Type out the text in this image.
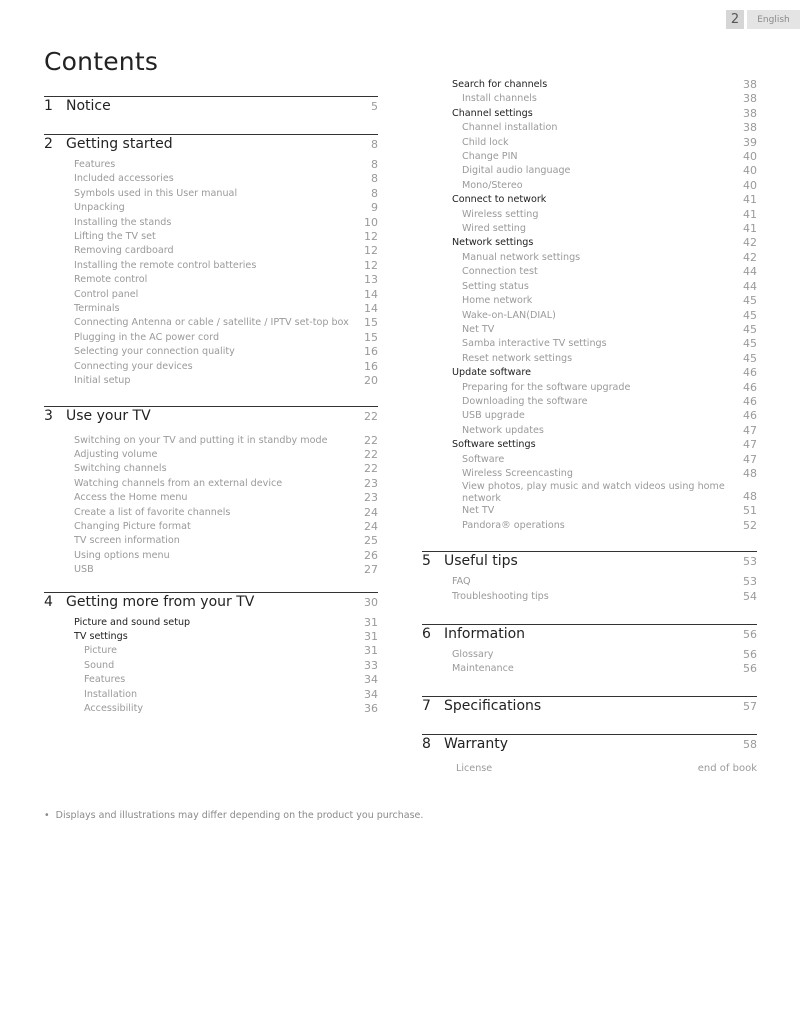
2	English
Contents
1 Notice	5
2 Getting started	8
Features	8
Included accessories	8
Symbols used in this User manual	8
Unpacking	9
Installing the stands	10
Lifting the TV set	12
Removing cardboard	12
Installing the remote control batteries	12
Remote control	13
Control panel	14
Terminals	14
Connecting Antenna or cable / satellite / IPTV set-top box 15
Plugging in the AC power cord	15
Selecting your connection quality	16
Connecting your devices	16
Initial setup	20
3 Use your TV	22
Switching on your TV and putting it in standby mode	22
Adjusting volume	22
Switching channels	22
Watching channels from an external device	23
Access the Home menu	23
Create a list of favorite channels	24
Changing Picture format	24
TV screen information	25
Using options menu	26
USB	27
4 Getting more from your TV	30
Picture and sound setup	31
TV settings	31
Picture	31
Sound	33
Features	34
Installation	34
Accessibility	36
Search for channels	38
Install channels	38
Channel settings	38
Channel installation	38
Child lock	39
Change PIN	40
Digital audio language	40
Mono/Stereo	40
Connect to network	41
Wireless setting	41
Wired setting	41
Network settings	42
Manual network settings	42
Connection test	44
Setting status	44
Home network	45
Wake-on-LAN(DIAL)	45
Net TV	45
Samba interactive TV settings	45
Reset network settings	45
Update software	46
Preparing for the software upgrade	46
Downloading the software	46
USB upgrade	46
Network updates	47
Software settings	47
Software	47
Wireless Screencasting	48
View photos, play music and watch videos using home network	48
Net TV	51
Pandora® operations	52
5 Useful tips	53
FAQ	53
Troubleshooting tips	54
6 Information	56
Glossary	56
Maintenance	56
7 Specifications	57
8 Warranty	58
License	end of book
•  Displays and illustrations may differ depending on the product you purchase.
